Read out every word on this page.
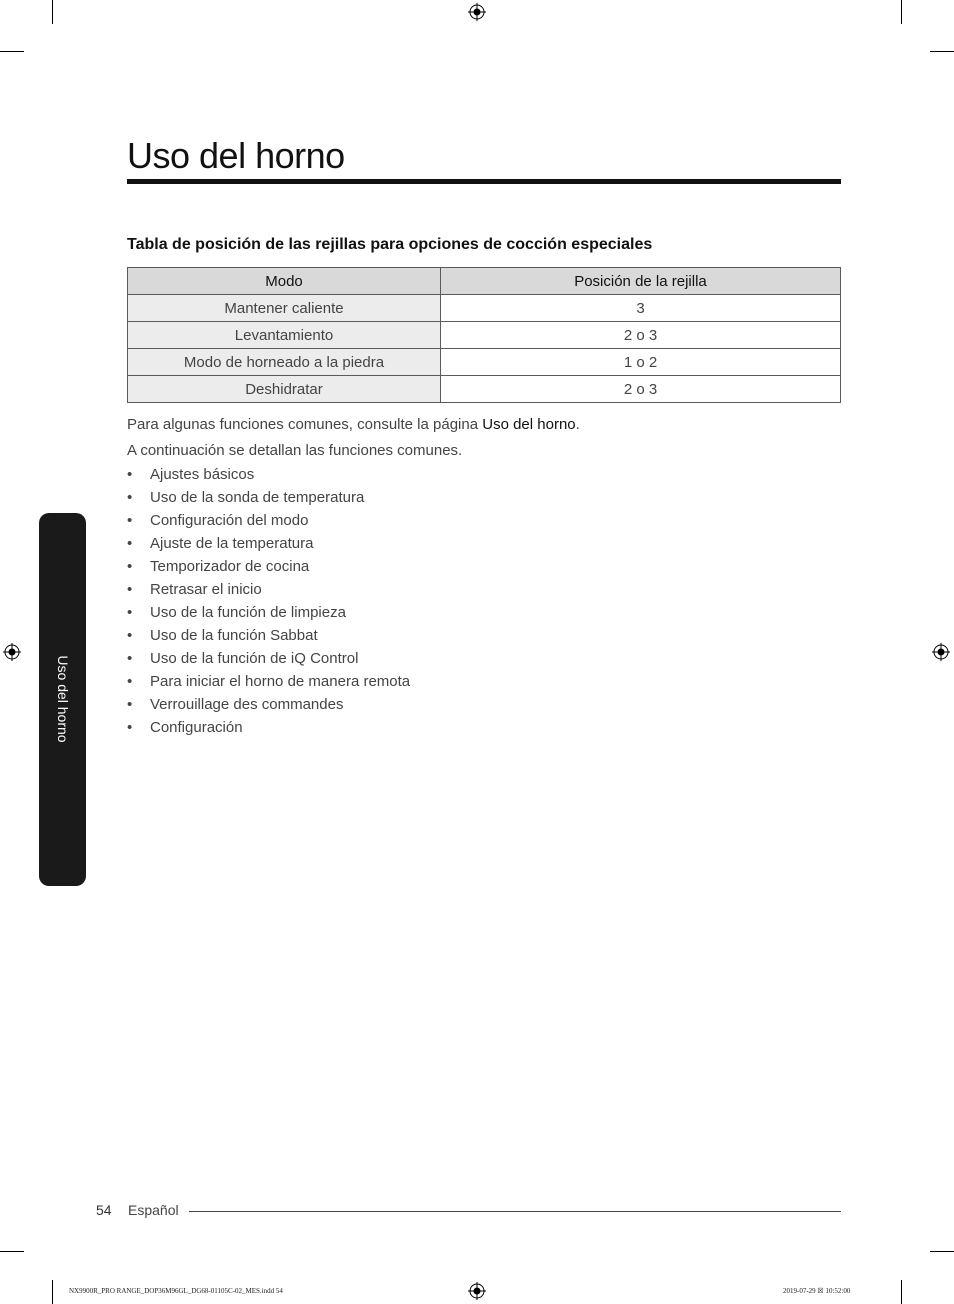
Uso del horno
Tabla de posición de las rejillas para opciones de cocción especiales
Modo	Posición de la rejilla
Mantener caliente	3
Levantamiento	2 o 3
Modo de horneado a la piedra	1 o 2
Deshidratar	2 o 3
Para algunas funciones comunes, consulte la página Uso del horno.
A continuación se detallan las funciones comunes.
• Ajustes básicos
• Uso de la sonda de temperatura
• Configuración del modo
• Ajuste de la temperatura
• Temporizador de cocina
• Retrasar el inicio
• Uso de la función de limpieza
• Uso de la función Sabbat
• Uso de la función de iQ Control
• Para iniciar el horno de manera remota
• Verrouillage des commandes
• Configuración
Uso del horno
54 Español
NX9900R_PRO RANGE_DOP36M96GL_DG68-01105C-02_MES.indd 54	2019-07-29 ☒ 10:52:00
